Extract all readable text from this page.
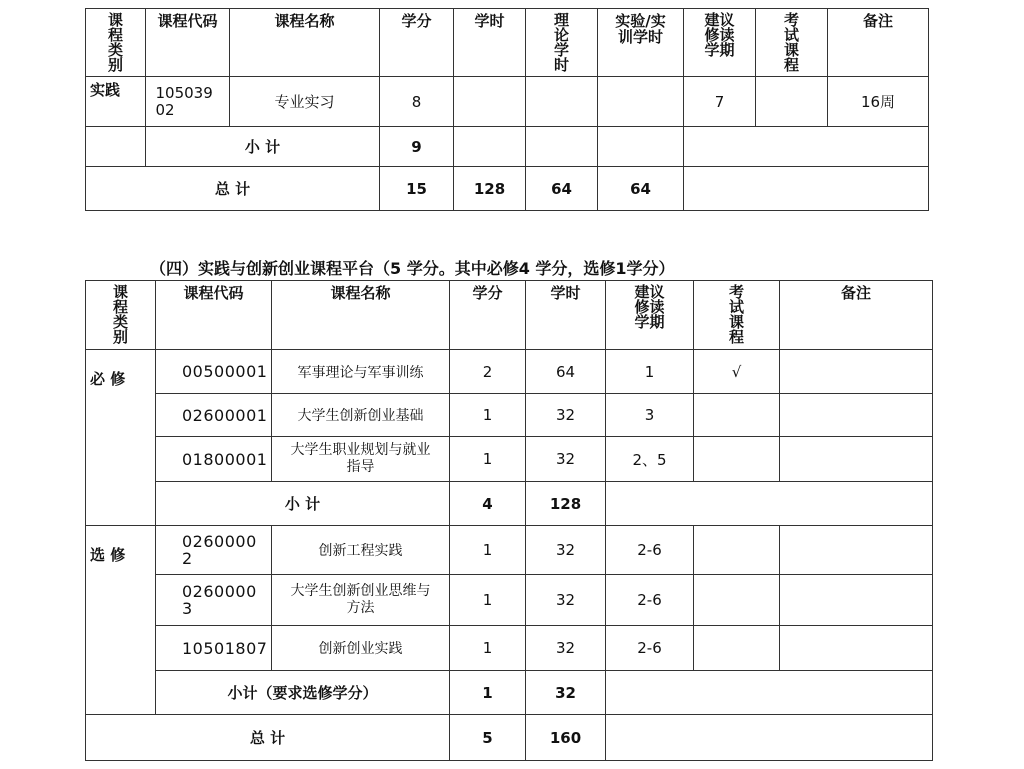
课程类别	课程代码	课程名称	学分	学时	理论学时	实验/实训学时	建议修读学期	考试课程	备注
实践	10503902	专业实习	8				7		16周
	小 计		9						
总 计			15	128	64	64			

（四）实践与创新创业课程平台（5 学分。其中必修4 学分，选修1学分）

课程类别	课程代码	课程名称	学分	学时	建议修读学期	考试课程	备注
必 修	00500001	军事理论与军事训练	2	64	1	√	
	02600001	大学生创新创业基础	1	32	3		
	01800001	大学生职业规划与就业 指导	1	32	2、5		
	小 计		4	128			
选 修	02600002	创新工程实践	1	32	2-6		

	02600003	大学生创新创业思维与 方法	1	32	2-6		
	10501807	创新创业实践	1	32	2-6		
	小计（要求选修学分）		1	32			
总 计			5	160			
